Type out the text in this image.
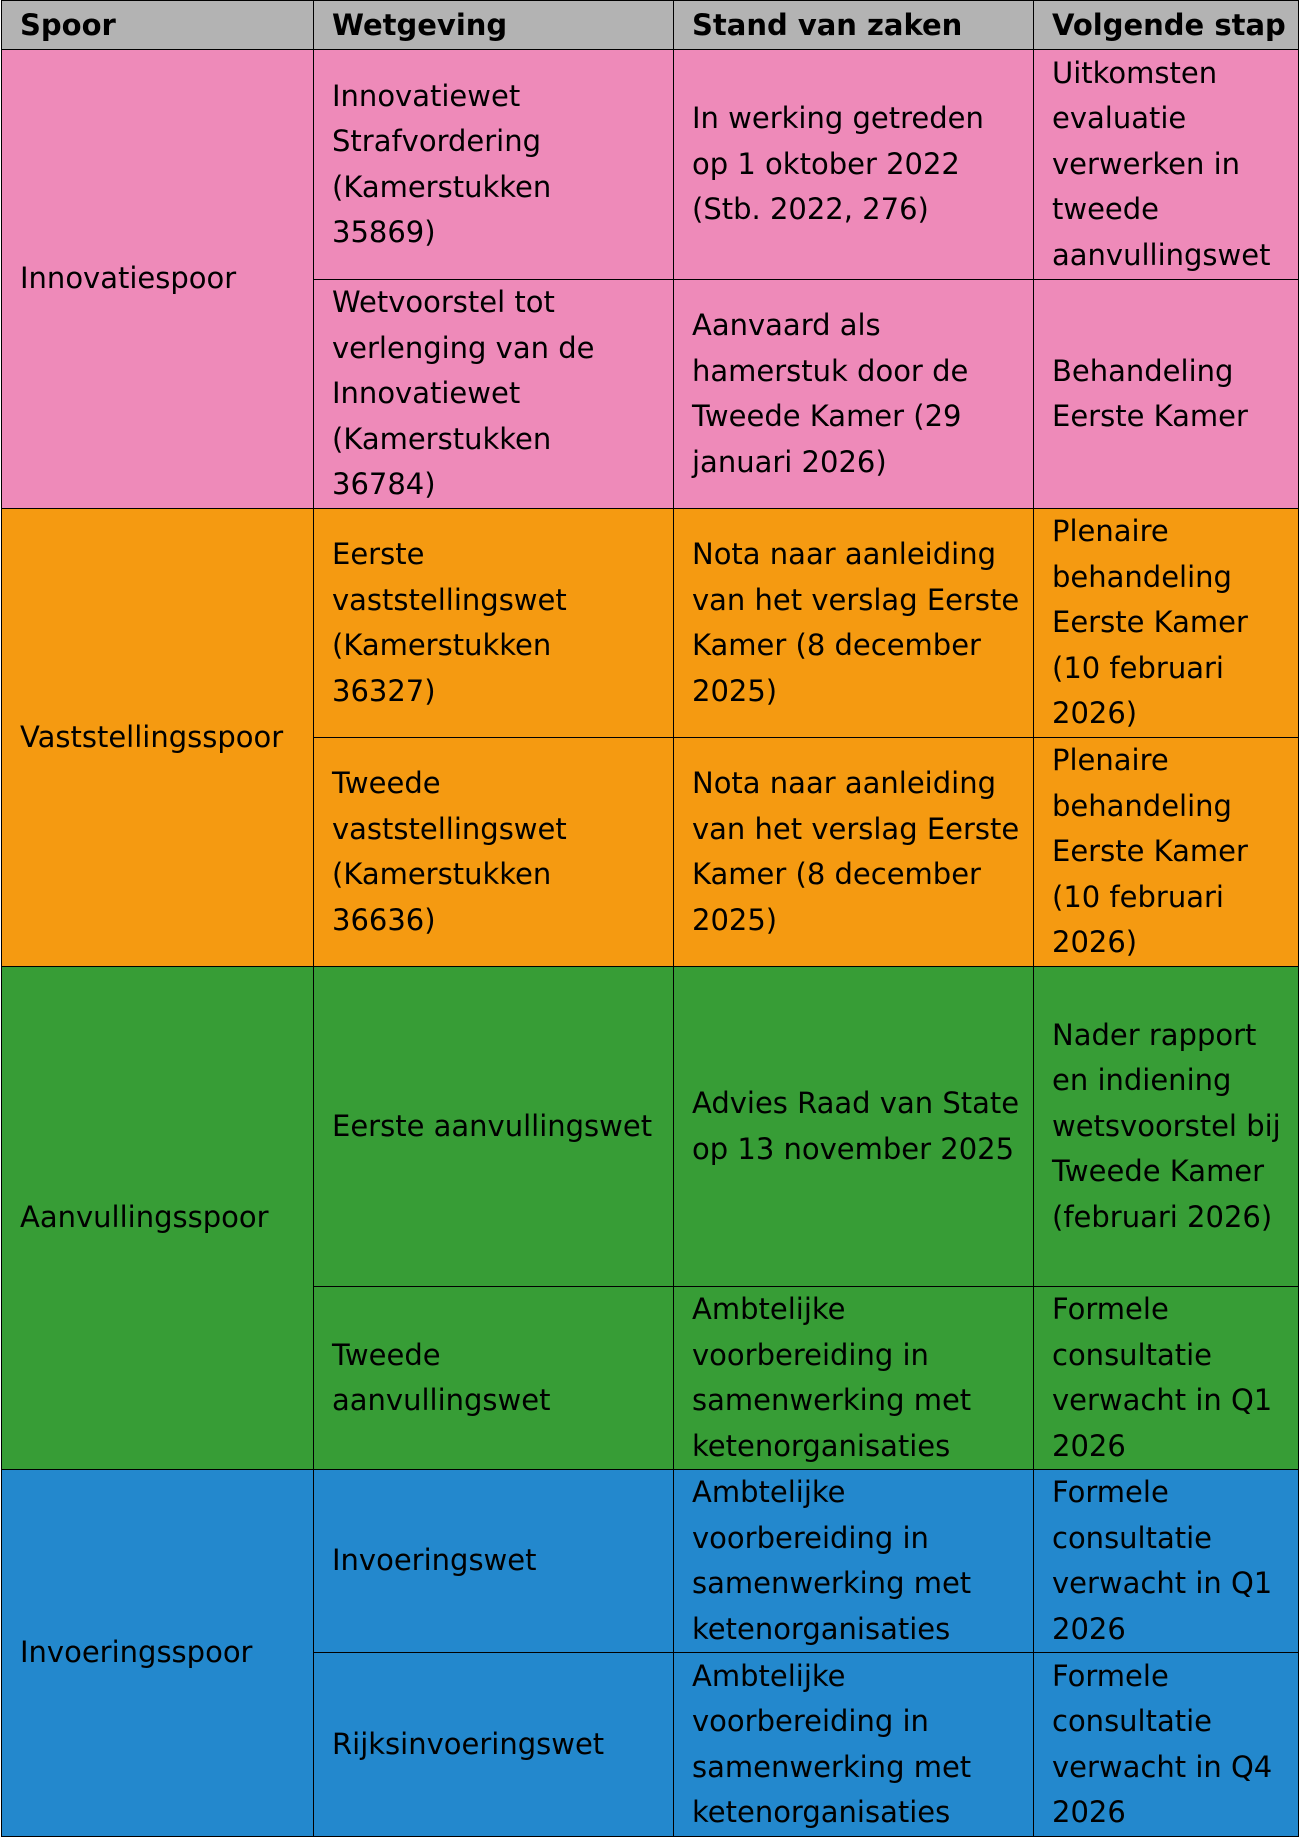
Spoor	Wetgeving	Stand van zaken	Volgende stap
Innovatiespoor	Innovatiewet Strafvordering (Kamerstukken 35869)	In werking getreden op 1 oktober 2022 (Stb. 2022, 276)	Uitkomsten evaluatie verwerken in tweede aanvullingswet
	Wetvoorstel tot verlenging van de Innovatiewet (Kamerstukken 36784)	Aanvaard als hamerstuk door de Tweede Kamer (29 januari 2026)	Behandeling Eerste Kamer
Vaststellingsspoor	Eerste vaststellingswet (Kamerstukken 36327)	Nota naar aanleiding van het verslag Eerste Kamer (8 december 2025)	Plenaire behandeling Eerste Kamer (10 februari 2026)
	Tweede vaststellingswet (Kamerstukken 36636)	Nota naar aanleiding van het verslag Eerste Kamer (8 december 2025)	Plenaire behandeling Eerste Kamer (10 februari 2026)
Aanvullingsspoor	Eerste aanvullingswet	Advies Raad van State op 13 november 2025	Nader rapport en indiening wetsvoorstel bij Tweede Kamer (februari 2026)
	Tweede aanvullingswet	Ambtelijke voorbereiding in samenwerking met ketenorganisaties	Formele consultatie verwacht in Q1 2026
Invoeringsspoor	Invoeringswet	Ambtelijke voorbereiding in samenwerking met ketenorganisaties	Formele consultatie verwacht in Q1 2026
	Rijksinvoeringswet	Ambtelijke voorbereiding in samenwerking met ketenorganisaties	Formele consultatie verwacht in Q4 2026
